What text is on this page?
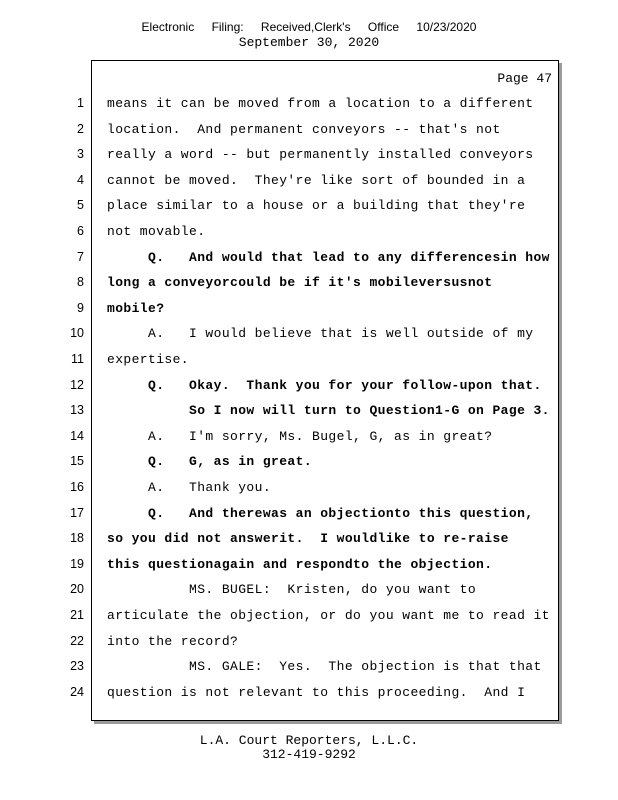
Electronic Filing: Received,Clerk's Office 10/23/2020
September 30, 2020
Page 47
1 means it can be moved from a location to a different
2 location.  And permanent conveyors -- that's not
3 really a word -- but permanently installed conveyors
4 cannot be moved.  They're like sort of bounded in a
5 place similar to a house or a building that they're
6 not movable.
7 Q.   And would that lead to any differencesin how
8 long a conveyorcould be if it's mobileversusnot
9 mobile?
10 A.   I would believe that is well outside of my
11 expertise.
12 Q.   Okay.  Thank you for your follow-upon that.
13 So I now will turn to Question1-G on Page 3.
14 A.   I'm sorry, Ms. Bugel, G, as in great?
15 Q.   G, as in great.
16 A.   Thank you.
17 Q.   And therewas an objectionto this question,
18 so you did not answerit.  I wouldlike to re-raise
19 this questionagain and respondto the objection.
20 MS. BUGEL:  Kristen, do you want to
21 articulate the objection, or do you want me to read it
22 into the record?
23 MS. GALE:  Yes.  The objection is that that
24 question is not relevant to this proceeding.  And I
L.A. Court Reporters, L.L.C.
312-419-9292
